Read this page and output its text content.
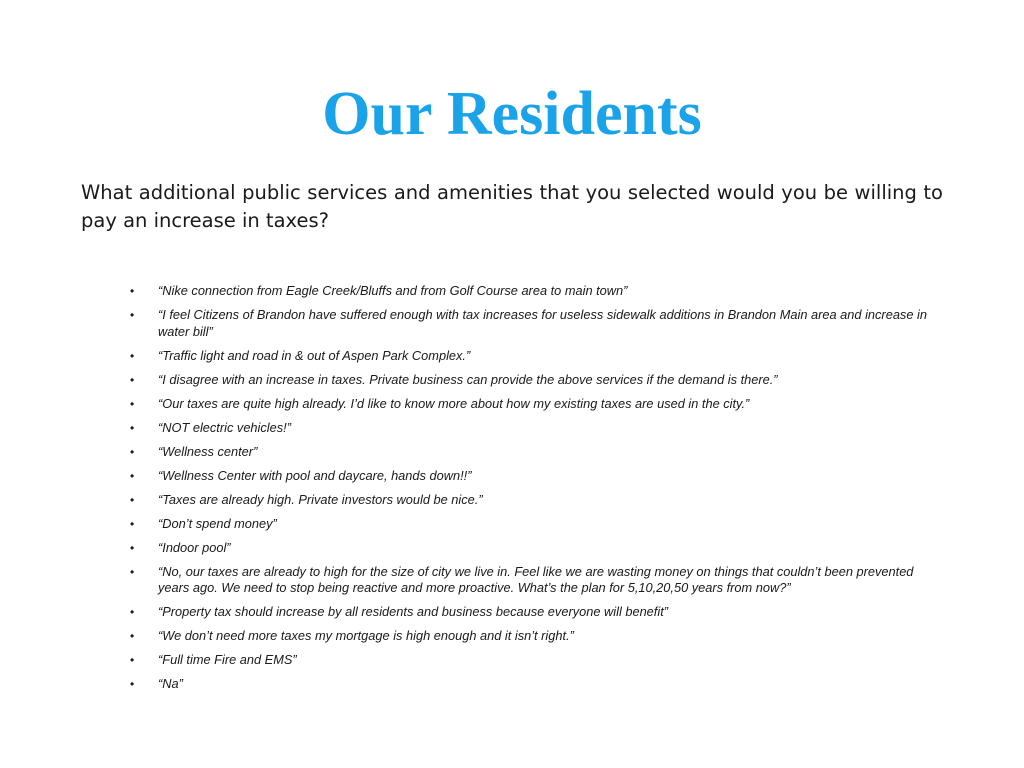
Our Residents

What additional public services and amenities that you selected would you be willing to pay an increase in taxes?

• “Nike connection from Eagle Creek/Bluffs and from Golf Course area to main town”
• “I feel Citizens of Brandon have suffered enough with tax increases for useless sidewalk additions in Brandon Main area and increase in water bill”
• “Traffic light and road in & out of Aspen Park Complex.”
• “I disagree with an increase in taxes. Private business can provide the above services if the demand is there.”
• “Our taxes are quite high already. I’d like to know more about how my existing taxes are used in the city.”
• “NOT electric vehicles!”
• “Wellness center”
• “Wellness Center with pool and daycare, hands down!!”
• “Taxes are already high. Private investors would be nice.”
• “Don’t spend money”
• “Indoor pool”
• “No, our taxes are already to high for the size of city we live in. Feel like we are wasting money on things that couldn’t been prevented years ago. We need to stop being reactive and more proactive. What’s the plan for 5,10,20,50 years from now?”
• “Property tax should increase by all residents and business because everyone will benefit”
• “We don’t need more taxes my mortgage is high enough and it isn’t right.”
• “Full time Fire and EMS”
• “Na”
